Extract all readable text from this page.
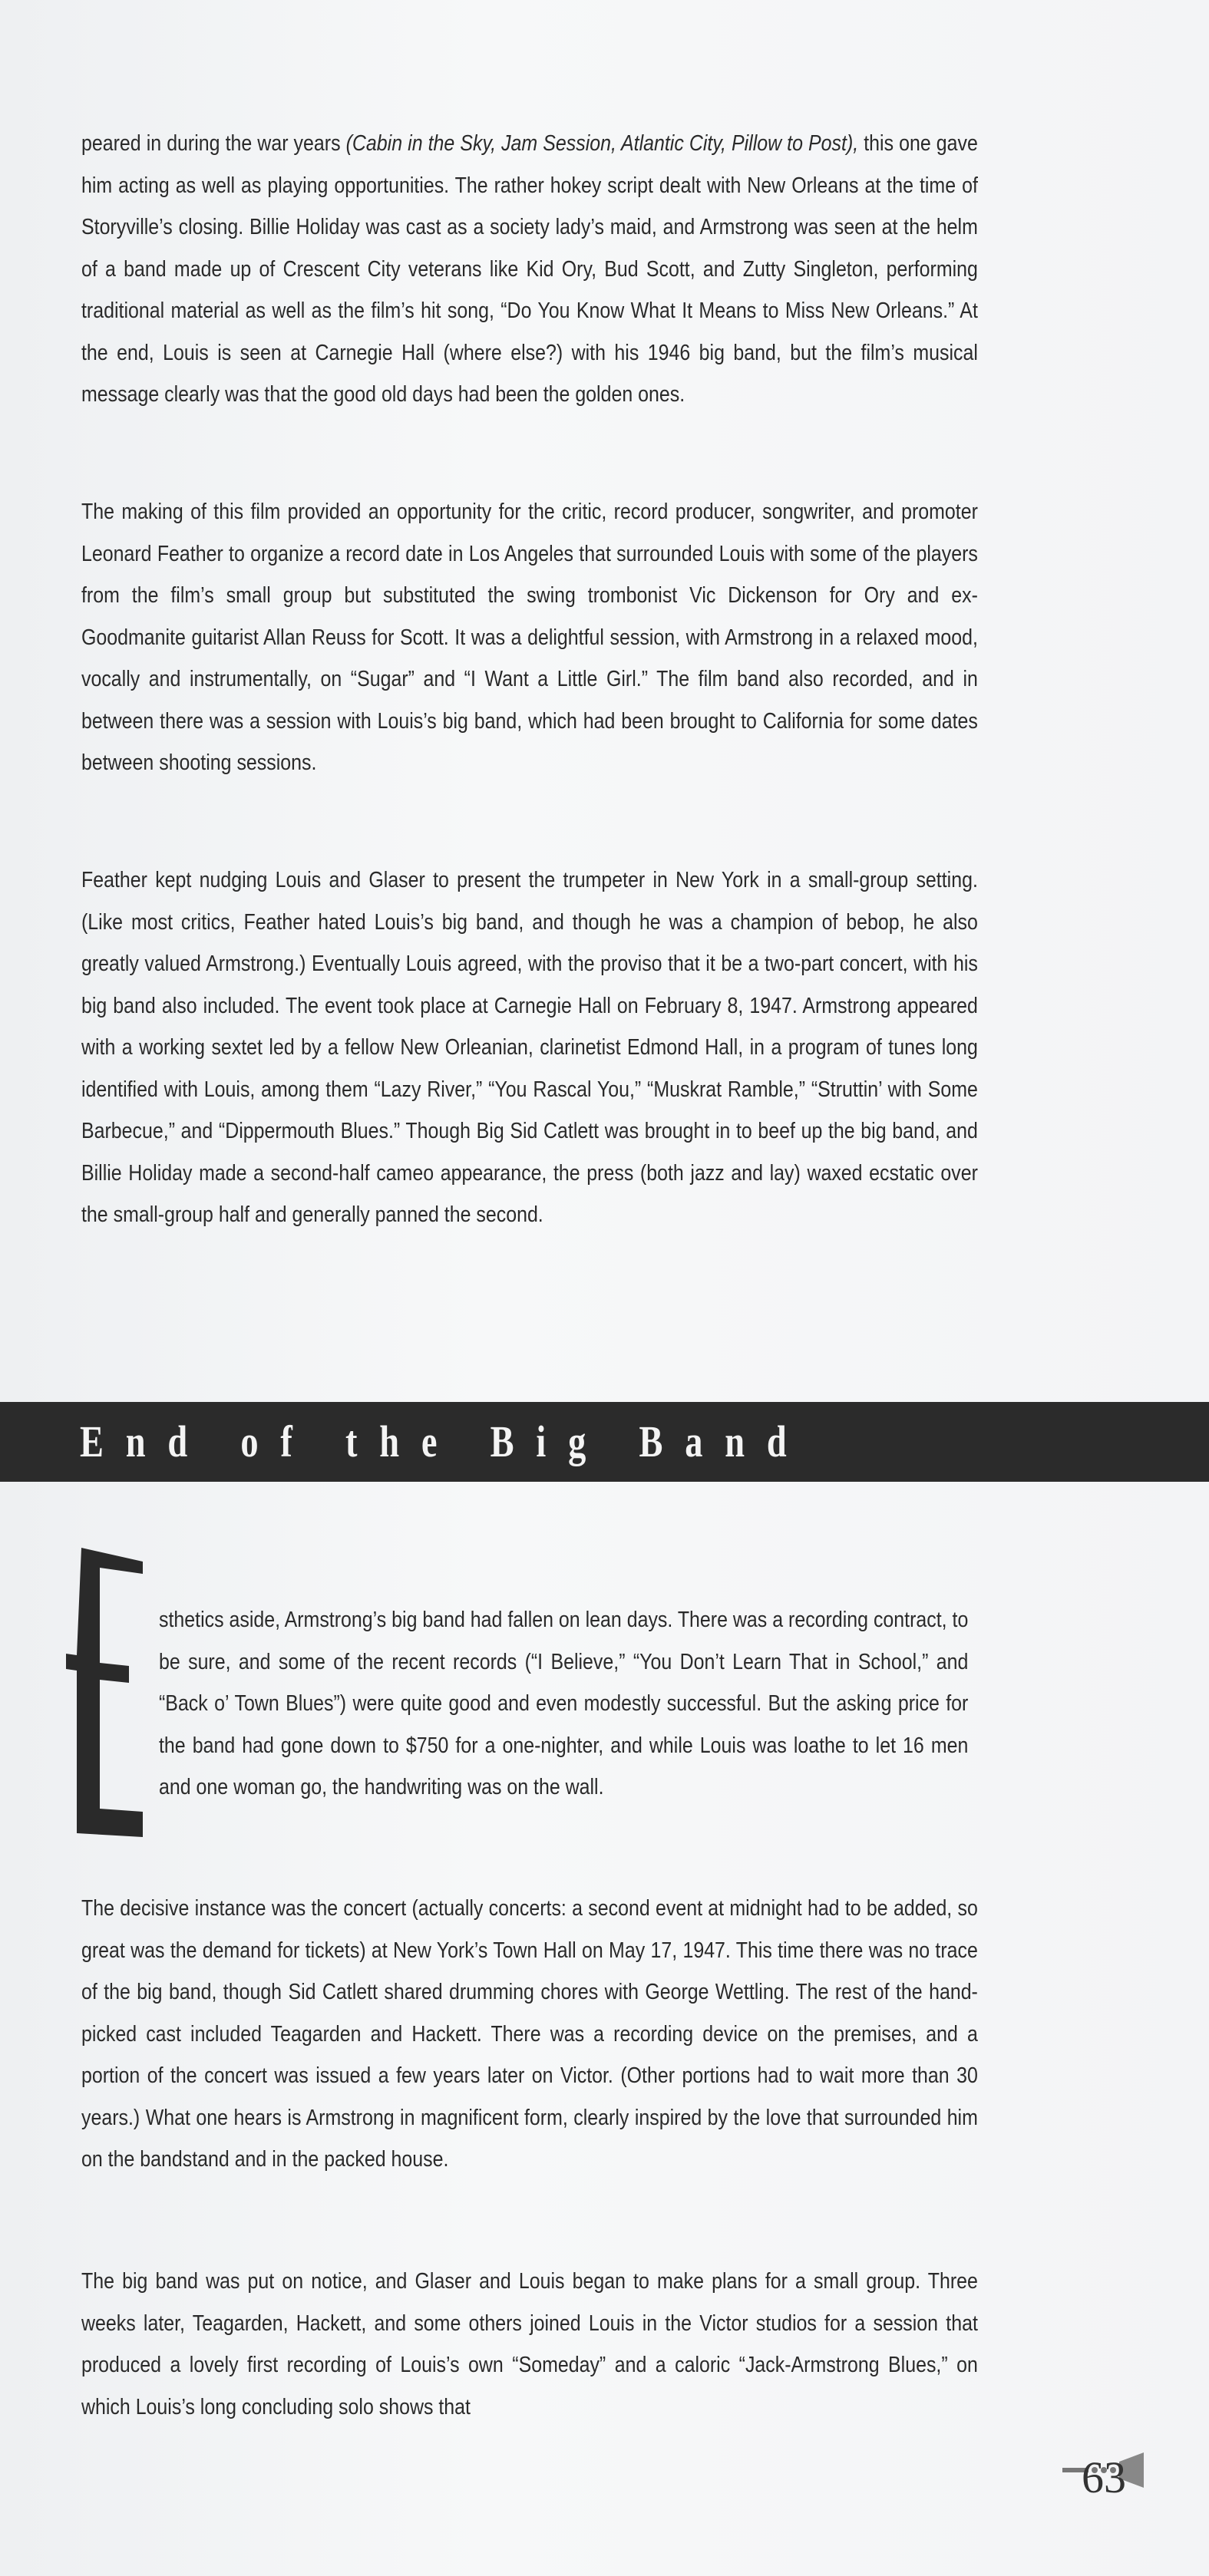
peared in during the war years (Cabin in the Sky, Jam Session, Atlantic City, Pillow to Post), this one gave him acting as well as playing opportunities. The rather hokey script dealt with New Orleans at the time of Storyville’s closing. Billie Holiday was cast as a society lady’s maid, and Armstrong was seen at the helm of a band made up of Crescent City veterans like Kid Ory, Bud Scott, and Zutty Singleton, performing traditional material as well as the film’s hit song, “Do You Know What It Means to Miss New Orleans.” At the end, Louis is seen at Carnegie Hall (where else?) with his 1946 big band, but the film’s musical message clearly was that the good old days had been the golden ones.

The making of this film provided an opportunity for the critic, record producer, songwriter, and promoter Leonard Feather to organize a record date in Los Angeles that surrounded Louis with some of the players from the film’s small group but substituted the swing trombonist Vic Dickenson for Ory and ex-Goodmanite guitarist Allan Reuss for Scott. It was a delightful session, with Armstrong in a relaxed mood, vocally and instrumentally, on “Sugar” and “I Want a Little Girl.” The film band also recorded, and in between there was a session with Louis’s big band, which had been brought to California for some dates between shooting sessions.

Feather kept nudging Louis and Glaser to present the trumpeter in New York in a small-group setting. (Like most critics, Feather hated Louis’s big band, and though he was a champion of bebop, he also greatly valued Armstrong.) Eventually Louis agreed, with the proviso that it be a two-part concert, with his big band also included. The event took place at Carnegie Hall on February 8, 1947. Armstrong appeared with a working sextet led by a fellow New Orleanian, clarinetist Edmond Hall, in a program of tunes long identified with Louis, among them “Lazy River,” “You Rascal You,” “Muskrat Ramble,” “Struttin’ with Some Barbecue,” and “Dippermouth Blues.” Though Big Sid Catlett was brought in to beef up the big band, and Billie Holiday made a second-half cameo appearance, the press (both jazz and lay) waxed ecstatic over the small-group half and generally panned the second.

End of the Big Band

sthetics aside, Armstrong’s big band had fallen on lean days. There was a recording contract, to be sure, and some of the recent records (“I Believe,” “You Don’t Learn That in School,” and “Back o’ Town Blues”) were quite good and even modestly successful. But the asking price for the band had gone down to $750 for a one-nighter, and while Louis was loathe to let 16 men and one woman go, the handwriting was on the wall.

The decisive instance was the concert (actually concerts: a second event at midnight had to be added, so great was the demand for tickets) at New York’s Town Hall on May 17, 1947. This time there was no trace of the big band, though Sid Catlett shared drumming chores with George Wettling. The rest of the hand-picked cast included Teagarden and Hackett. There was a recording device on the premises, and a portion of the concert was issued a few years later on Victor. (Other portions had to wait more than 30 years.) What one hears is Armstrong in magnificent form, clearly inspired by the love that surrounded him on the bandstand and in the packed house.

The big band was put on notice, and Glaser and Louis began to make plans for a small group. Three weeks later, Teagarden, Hackett, and some others joined Louis in the Victor studios for a session that produced a lovely first recording of Louis’s own “Someday” and a caloric “Jack-Armstrong Blues,” on which Louis’s long concluding solo shows that

63
